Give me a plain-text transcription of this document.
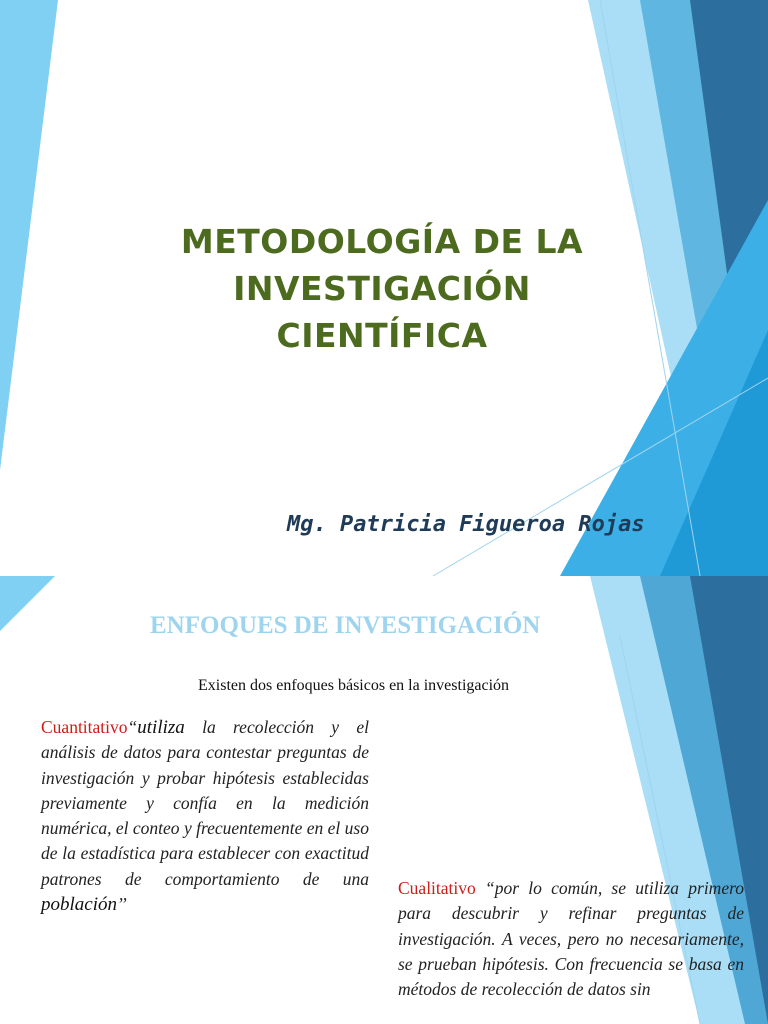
METODOLOGÍA DE LA
INVESTIGACIÓN
CIENTÍFICA
Mg. Patricia Figueroa Rojas
ENFOQUES DE INVESTIGACIÓN
Existen dos enfoques básicos en la investigación

Cuantitativo“utiliza la recolección y el análisis de datos para contestar preguntas de investigación y probar hipótesis establecidas previamente y confía en la medición numérica, el conteo y frecuentemente en el uso de la estadística para establecer con exactitud patrones de comportamiento de una población’’

Cualitativo “por lo común, se utiliza primero para descubrir y refinar preguntas de investigación. A veces, pero no necesariamente, se prueban hipótesis. Con frecuencia se basa en métodos de recolección de datos sin
